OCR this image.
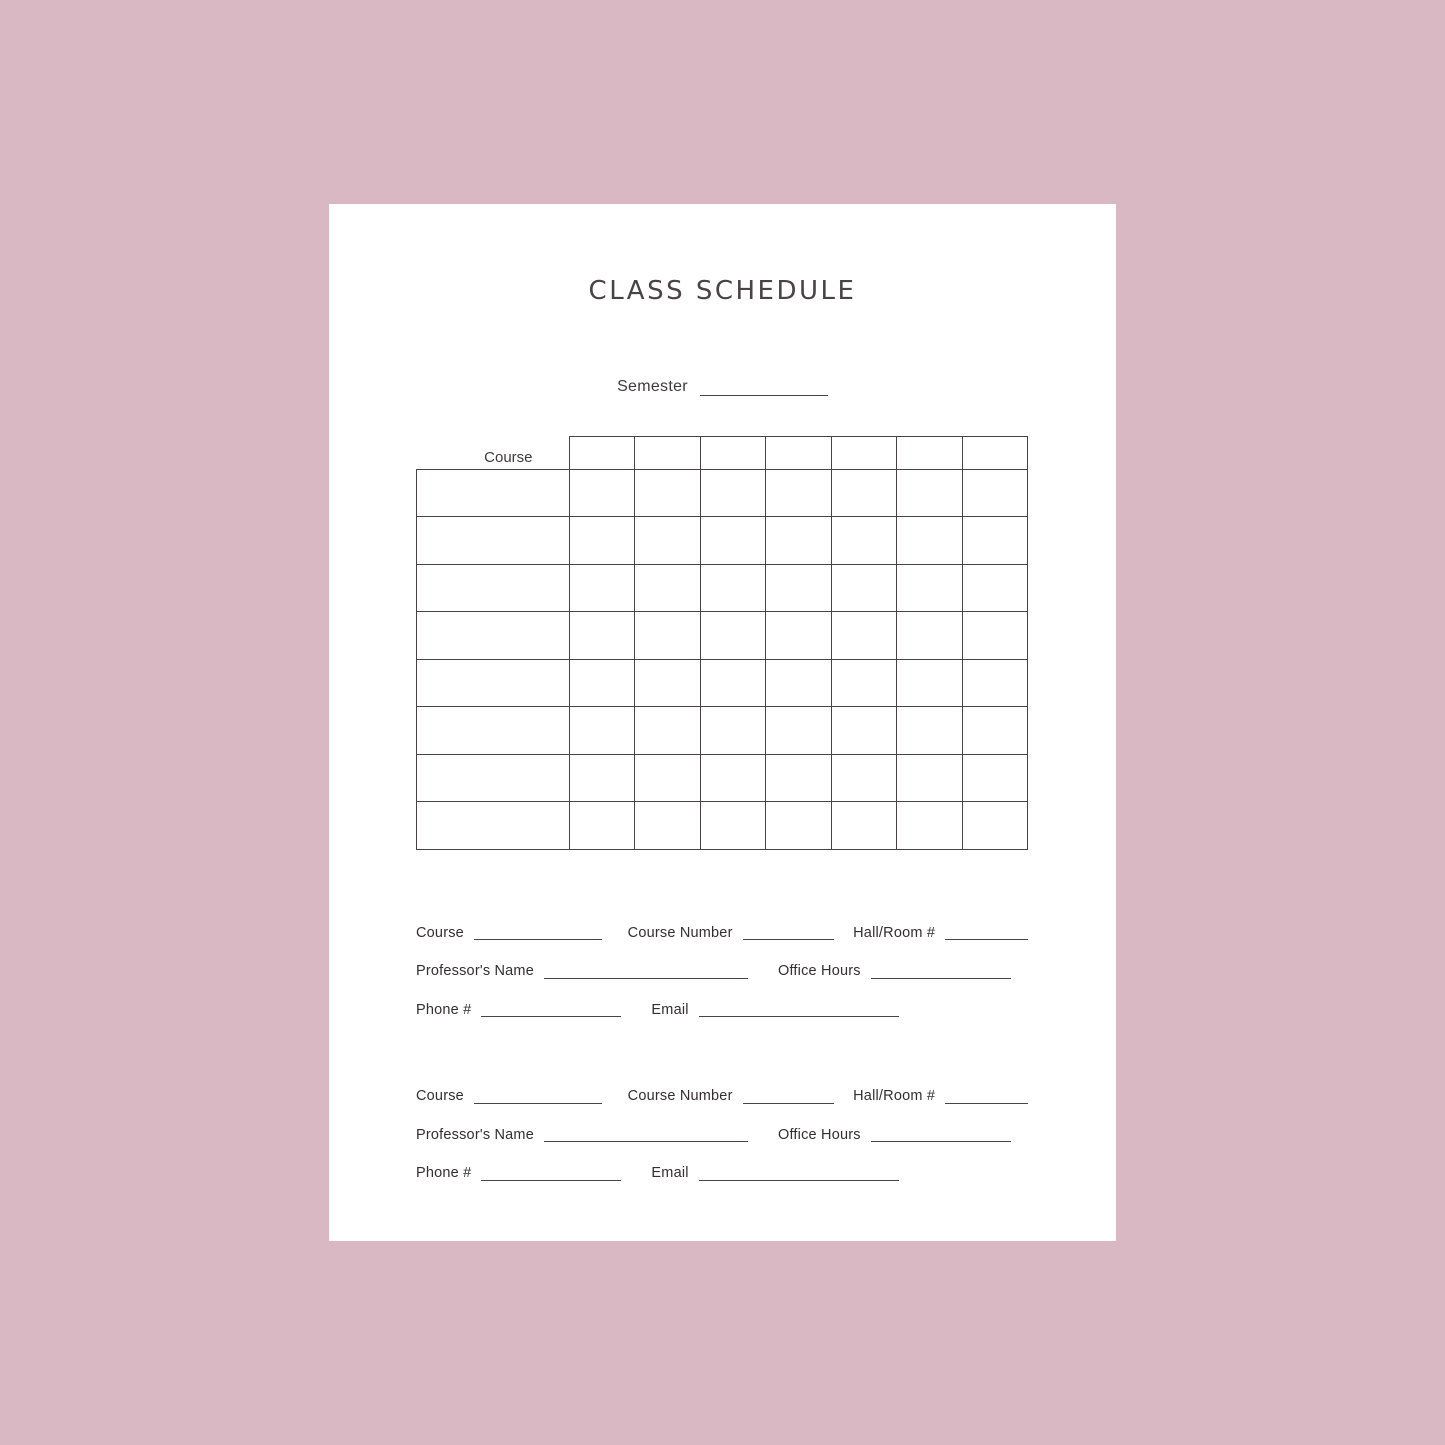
CLASS SCHEDULE
Semester
Course							

Course	Course Number	Hall/Room #
Professor's Name	Office Hours
Phone #	Email
Course	Course Number	Hall/Room #
Professor's Name	Office Hours
Phone #	Email
